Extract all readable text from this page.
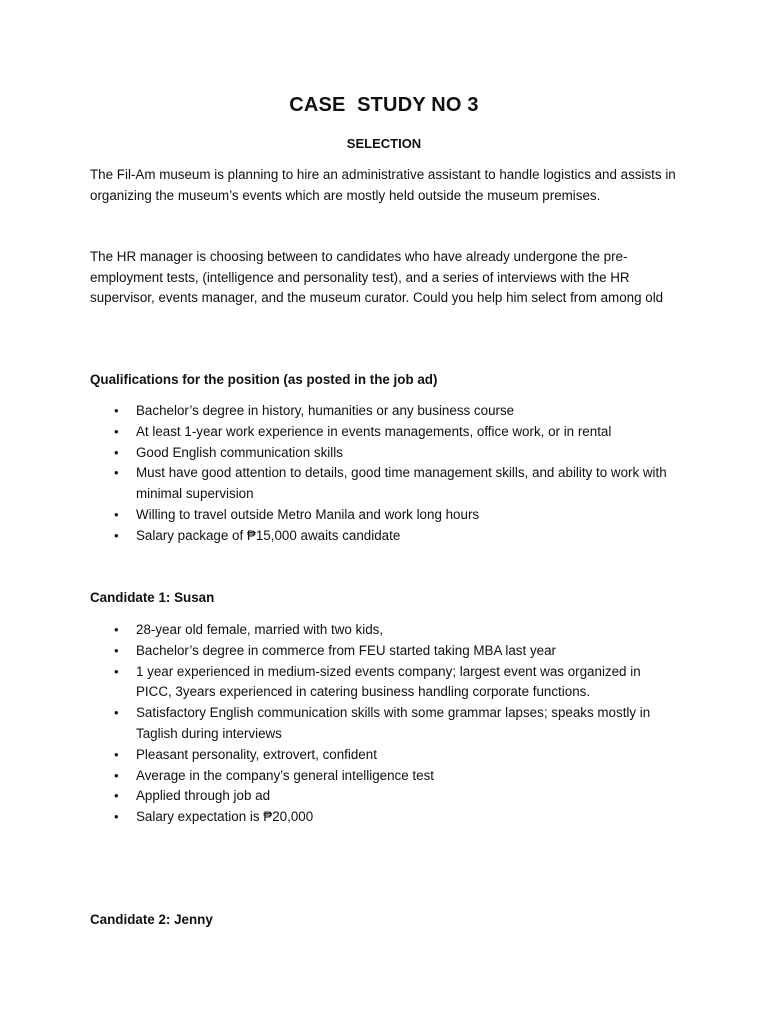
CASE  STUDY NO 3
SELECTION
The Fil-Am museum is planning to hire an administrative assistant to handle logistics and assists in organizing the museum’s events which are mostly held outside the museum premises.
The HR manager is choosing between to candidates who have already undergone the pre-employment tests, (intelligence and personality test), and a series of interviews with the HR supervisor, events manager, and the museum curator. Could you help him select from among old
Qualifications for the position (as posted in the job ad)
• Bachelor’s degree in history, humanities or any business course
• At least 1-year work experience in events managements, office work, or in rental
• Good English communication skills
• Must have good attention to details, good time management skills, and ability to work with minimal supervision
• Willing to travel outside Metro Manila and work long hours
• Salary package of ₱15,000 awaits candidate
Candidate 1: Susan
• 28-year old female, married with two kids,
• Bachelor’s degree in commerce from FEU started taking MBA last year
• 1 year experienced in medium-sized events company; largest event was organized in PICC, 3years experienced in catering business handling corporate functions.
• Satisfactory English communication skills with some grammar lapses; speaks mostly in Taglish during interviews
• Pleasant personality, extrovert, confident
• Average in the company’s general intelligence test
• Applied through job ad
• Salary expectation is ₱20,000
Candidate 2: Jenny
